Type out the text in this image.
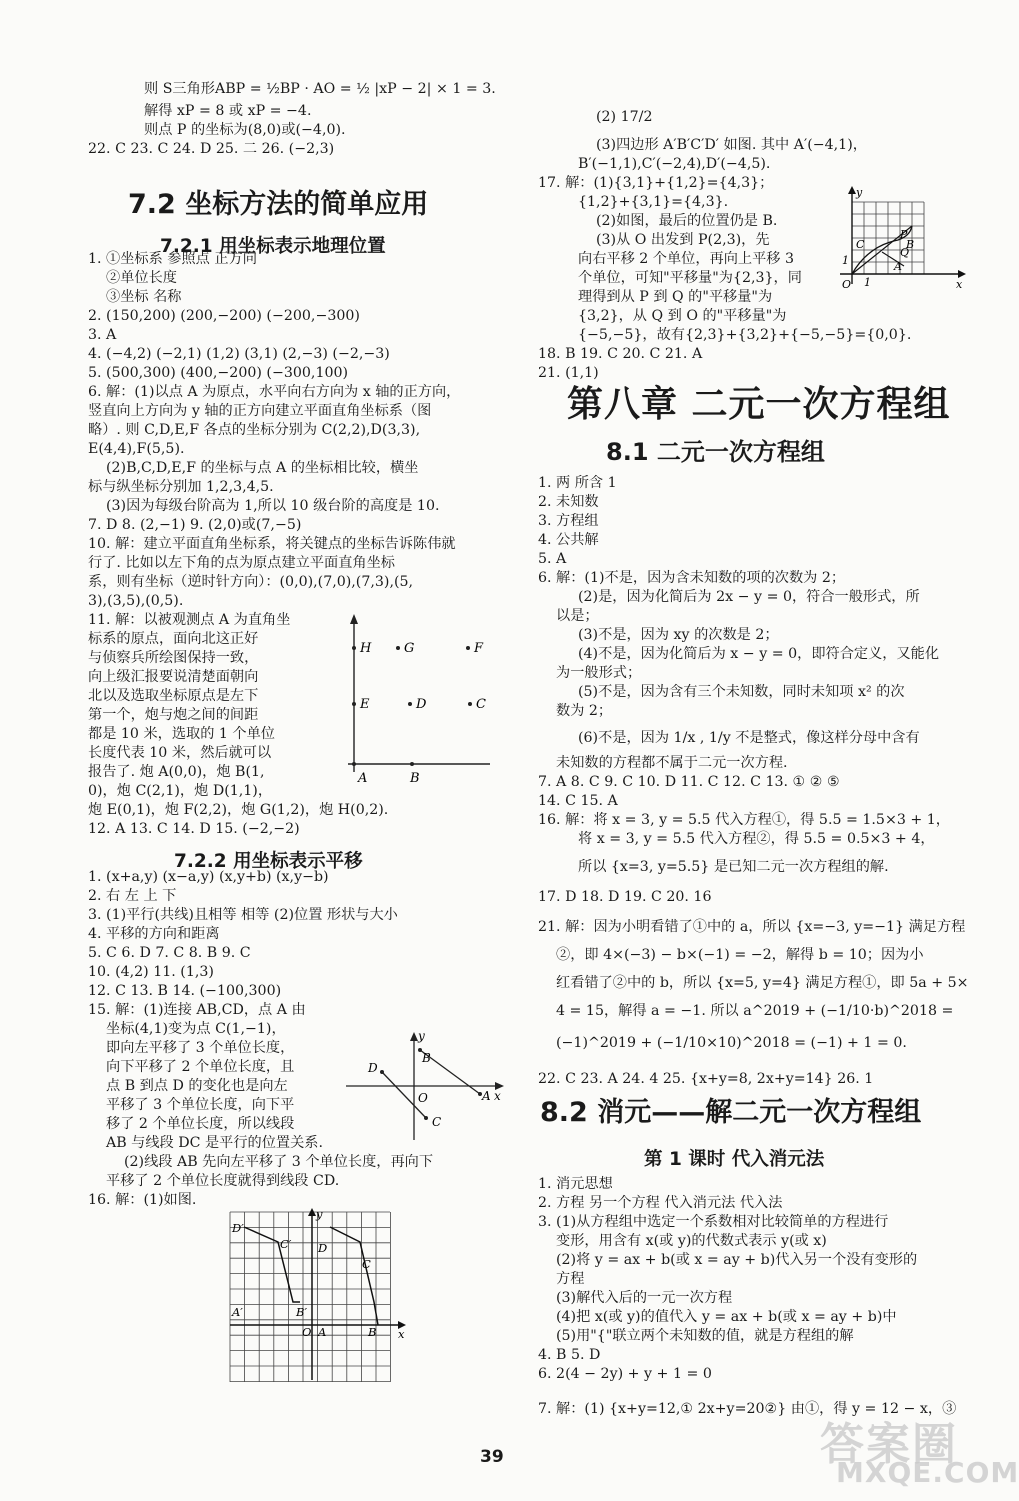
则 S三角形ABP = ½BP · AO = ½ |xP − 2| × 1 = 3.
解得 xP = 8 或 xP = −4.
则点 P 的坐标为(8,0)或(−4,0).
22. C 23. C 24. D 25. 二 26. (−2,3)
1. ①坐标系 参照点 正方向
②单位长度
③坐标 名称
2. (150,200) (200,−200) (−200,−300)
3. A
4. (−4,2) (−2,1) (1,2) (3,1) (2,−3) (−2,−3)
5. (500,300) (400,−200) (−300,100)
6. 解：(1)以点 A 为原点，水平向右方向为 x 轴的正方向，
竖直向上方向为 y 轴的正方向建立平面直角坐标系（图
略）. 则 C,D,E,F 各点的坐标分别为 C(2,2),D(3,3),
E(4,4),F(5,5).
(2)B,C,D,E,F 的坐标与点 A 的坐标相比较，横坐
标与纵坐标分别加 1,2,3,4,5.
(3)因为每级台阶高为 1,所以 10 级台阶的高度是 10.
7. D 8. (2,−1) 9. (2,0)或(7,−5)
10. 解：建立平面直角坐标系，将关键点的坐标告诉陈伟就
行了. 比如以左下角的点为原点建立平面直角坐标
系，则有坐标（逆时针方向）：(0,0),(7,0),(7,3),(5,
3),(3,5),(0,5).
11. 解：以被观测点 A 为直角坐
标系的原点，面向北这正好
与侦察兵所绘图保持一致，
向上级汇报要说清楚面朝向
北以及选取坐标原点是左下
第一个，炮与炮之间的间距
都是 10 米，选取的 1 个单位
长度代表 10 米，然后就可以
报告了. 炮 A(0,0)，炮 B(1,
0)，炮 C(2,1)，炮 D(1,1)，
炮 E(0,1)，炮 F(2,2)，炮 G(1,2)，炮 H(0,2).
12. A 13. C 14. D 15. (−2,−2)
1. (x+a,y) (x−a,y) (x,y+b) (x,y−b)
2. 右 左 上 下
3. (1)平行(共线)且相等 相等 (2)位置 形状与大小
4. 平移的方向和距离
5. C 6. D 7. C 8. B 9. C
10. (4,2) 11. (1,3)
12. C 13. B 14. (−100,300)
15. 解：(1)连接 AB,CD，点 A 由
坐标(4,1)变为点 C(1,−1)，
即向左平移了 3 个单位长度，
向下平移了 2 个单位长度，且
点 B 到点 D 的变化也是向左
平移了 3 个单位长度，向下平
移了 2 个单位长度，所以线段
AB 与线段 DC 是平行的位置关系.
(2)线段 AB 先向左平移了 3 个单位长度，再向下
平移了 2 个单位长度就得到线段 CD.
16. 解：(1)如图.
(2) 17/2
(3)四边形 A′B′C′D′ 如图. 其中 A′(−4,1)，
B′(−1,1),C′(−2,4),D′(−4,5).
17. 解：(1){3,1}+{1,2}={4,3}；
{1,2}+{3,1}={4,3}.
(2)如图，最后的位置仍是 B.
(3)从 O 出发到 P(2,3)，先
向右平移 2 个单位，再向上平移 3
个单位，可知"平移量"为{2,3}，同
理得到从 P 到 Q 的"平移量"为
{3,2}，从 Q 到 O 的"平移量"为
{−5,−5}，故有{2,3}+{3,2}+{−5,−5}={0,0}.
18. B 19. C 20. C 21. A
21. (1,1)
1. 两 所含 1
2. 未知数
3. 方程组
4. 公共解
5. A
6. 解：(1)不是，因为含未知数的项的次数为 2；
(2)是，因为化简后为 2x − y = 0，符合一般形式，所
以是；
(3)不是，因为 xy 的次数是 2；
(4)不是，因为化简后为 x − y = 0，即符合定义，又能化
为一般形式；
(5)不是，因为含有三个未知数，同时未知项 x² 的次
数为 2；
(6)不是，因为 1/x , 1/y 不是整式，像这样分母中含有
未知数的方程都不属于二元一次方程.
7. A 8. C 9. C 10. D 11. C 12. C 13. ① ② ⑤
14. C 15. A
16. 解：将 x = 3, y = 5.5 代入方程①，得 5.5 = 1.5×3 + 1，
将 x = 3, y = 5.5 代入方程②，得 5.5 = 0.5×3 + 4，
所以 {x=3, y=5.5} 是已知二元一次方程组的解.
17. D 18. D 19. C 20. 16
21. 解：因为小明看错了①中的 a，所以 {x=−3, y=−1} 满足方程
②，即 4×(−3) − b×(−1) = −2，解得 b = 10；因为小
红看错了②中的 b，所以 {x=5, y=4} 满足方程①，即 5a + 5×
4 = 15，解得 a = −1. 所以 a^2019 + (−1/10·b)^2018 =
(−1)^2019 + (−1/10×10)^2018 = (−1) + 1 = 0.
22. C 23. A 24. 4 25. {x+y=8, 2x+y=14} 26. 1
1. 消元思想
2. 方程 另一个方程 代入消元法 代入法
3. (1)从方程组中选定一个系数相对比较简单的方程进行
变形，用含有 x(或 y)的代数式表示 y(或 x)
(2)将 y = ax + b(或 x = ay + b)代入另一个没有变形的
方程
(3)解代入后的一元一次方程
(4)把 x(或 y)的值代入 y = ax + b(或 x = ay + b)中
(5)用"{"联立两个未知数的值，就是方程组的解
4. B 5. D
6. 2(4 − 2y) + y + 1 = 0
7. 解：(1) {x+y=12,① 2x+y=20②} 由①，得 y = 12 − x，③
7.2 坐标方法的简单应用
7.2.1 用坐标表示地理位置
7.2.2 用坐标表示平移
第八章 二元一次方程组
8.1 二元一次方程组
8.2 消元——解二元一次方程组
第 1 课时 代入消元法
H	G	F
E	D	C
A	B
y
x
O	A
B
C
D
y
x
O A	B
C
D
A′	B′
C′
D′
y
x
O 1
1
P
Q
B
C
A
39	答案圈
MXQE.COM
